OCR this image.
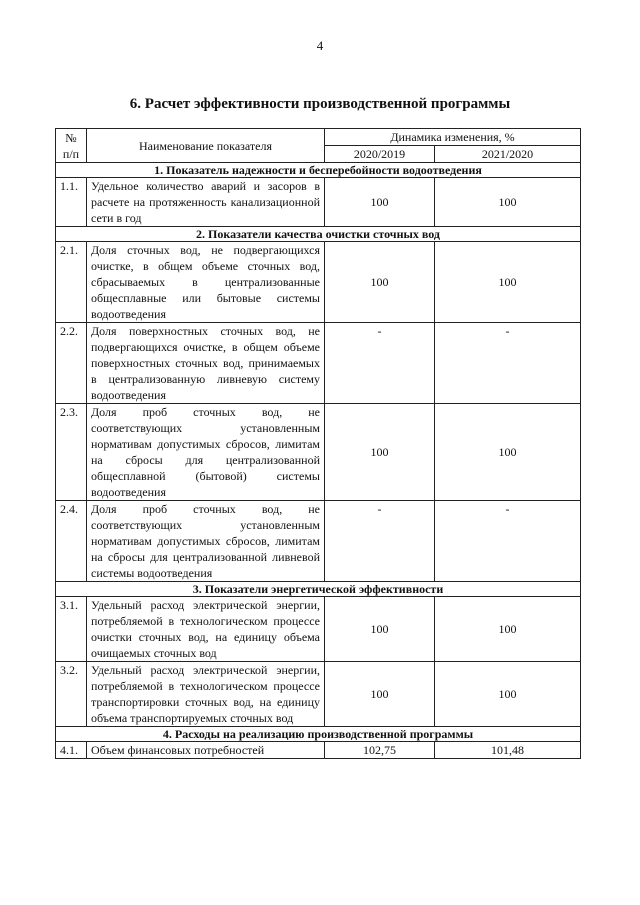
4
6. Расчет эффективности производственной программы
№ п/п	Наименование показателя	Динамика изменения, %	
		2020/2019	2021/2020
1. Показатель надежности и бесперебойности водоотведения			
1.1.	Удельное количество аварий и засоров в расчете на протяженность канализационной сети в год	100	100
2. Показатели качества очистки сточных вод			
2.1.	Доля сточных вод, не подвергающихся очистке, в общем объеме сточных вод, сбрасываемых в централизованные общесплавные или бытовые системы водоотведения	100	100
2.2.	Доля поверхностных сточных вод, не подвергающихся очистке, в общем объеме поверхностных сточных вод, принимаемых в централизованную ливневую систему водоотведения	-	-
2.3.	Доля проб сточных вод, не соответствующих установленным нормативам допустимых сбросов, лимитам на сбросы для централизованной общесплавной (бытовой) системы водоотведения	100	100
2.4.	Доля проб сточных вод, не соответствующих установленным нормативам допустимых сбросов, лимитам на сбросы для централизованной ливневой системы водоотведения	-	-
3. Показатели энергетической эффективности			
3.1.	Удельный расход электрической энергии, потребляемой в технологическом процессе очистки сточных вод, на единицу объема очищаемых сточных вод	100	100
3.2.	Удельный расход электрической энергии, потребляемой в технологическом процессе транспортировки сточных вод, на единицу объема транспортируемых сточных вод	100	100
4. Расходы на реализацию производственной программы			
4.1.	Объем финансовых потребностей	102,75	101,48
